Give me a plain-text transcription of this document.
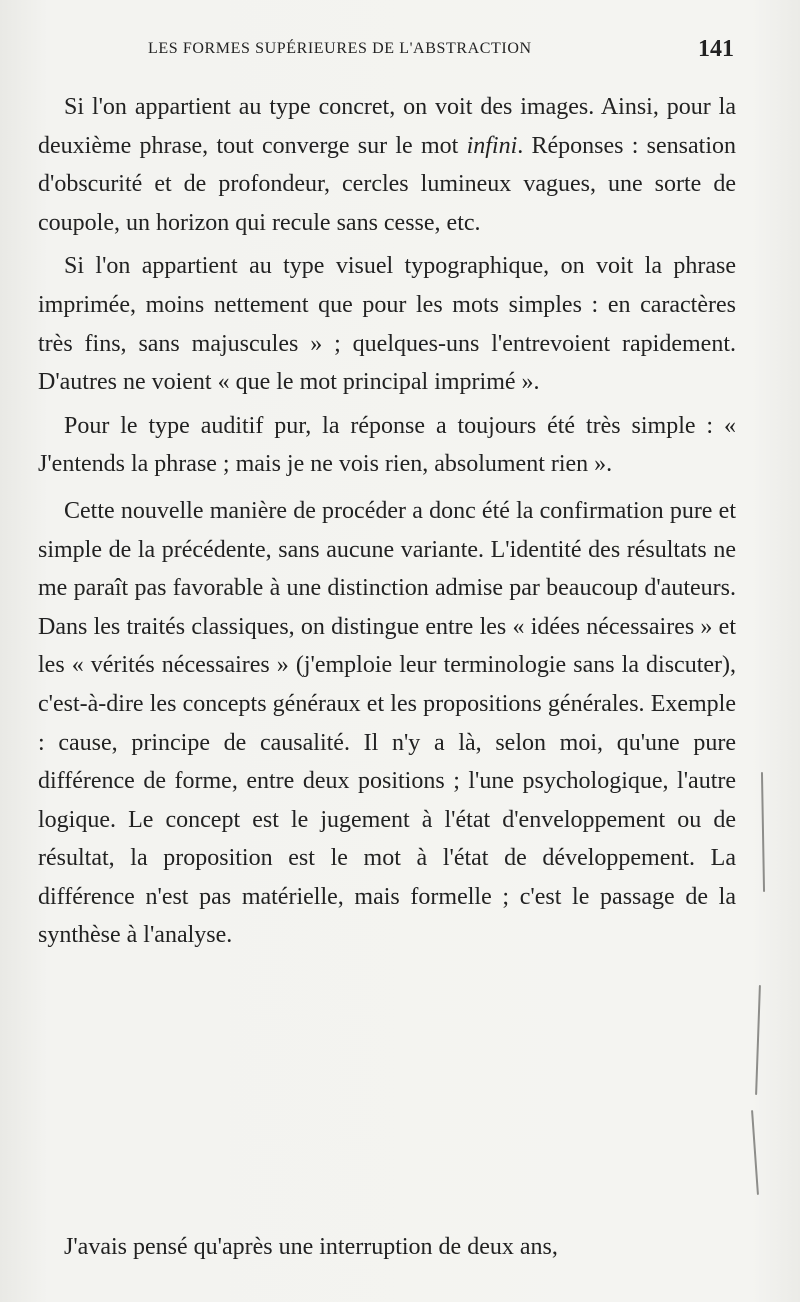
LES FORMES SUPÉRIEURES DE L'ABSTRACTION	141

Si l'on appartient au type concret, on voit des images. Ainsi, pour la deuxième phrase, tout converge sur le mot infini. Réponses : sensation d'obscurité et de profondeur, cercles lumineux vagues, une sorte de coupole, un horizon qui recule sans cesse, etc.

Si l'on appartient au type visuel typographique, on voit la phrase imprimée, moins nettement que pour les mots simples : en caractères très fins, sans majuscules » ; quelques-uns l'entrevoient rapidement. D'autres ne voient « que le mot principal imprimé ».

Pour le type auditif pur, la réponse a toujours été très simple : « J'entends la phrase ; mais je ne vois rien, absolument rien ».

Cette nouvelle manière de procéder a donc été la confirmation pure et simple de la précédente, sans aucune variante. L'identité des résultats ne me paraît pas favorable à une distinction admise par beaucoup d'auteurs. Dans les traités classiques, on distingue entre les « idées nécessaires » et les « vérités nécessaires » (j'emploie leur terminologie sans la discuter), c'est-à-dire les concepts généraux et les propositions générales. Exemple : cause, principe de causalité. Il n'y a là, selon moi, qu'une pure différence de forme, entre deux positions ; l'une psychologique, l'autre logique. Le concept est le jugement à l'état d'enveloppement ou de résultat, la proposition est le mot à l'état de développement. La différence n'est pas matérielle, mais formelle ; c'est le passage de la synthèse à l'analyse.

J'avais pensé qu'après une interruption de deux ans,
